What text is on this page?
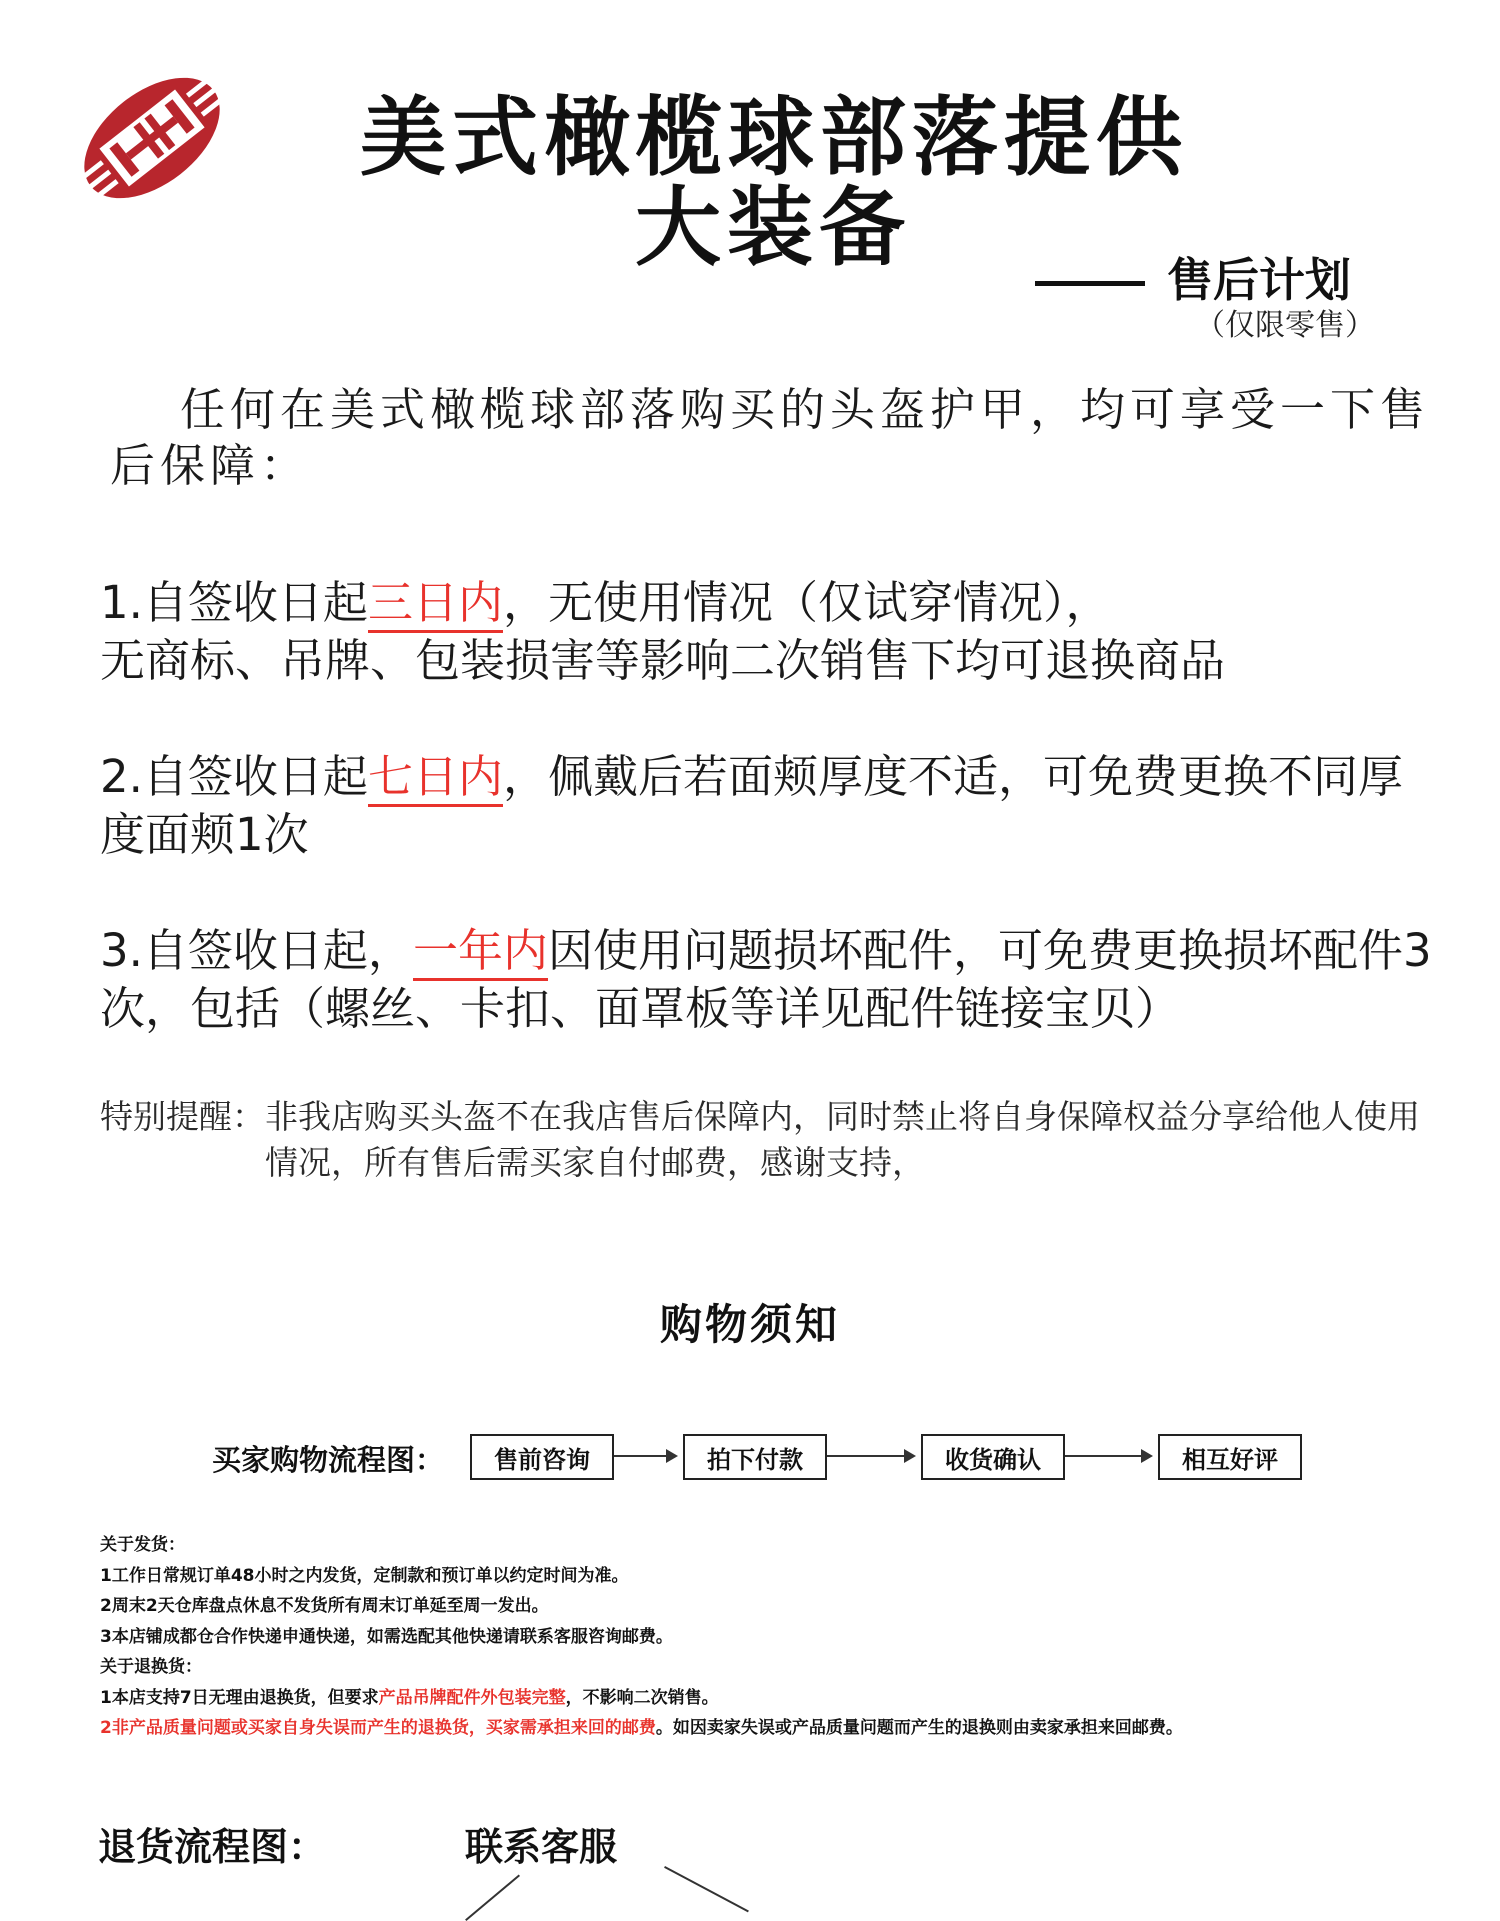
美式橄榄球部落提供
大装备
售后计划
（仅限零售）
任何在美式橄榄球部落购买的头盔护甲，均可享受一下售后保障：
1.自签收日起三日内，无使用情况（仅试穿情况），
无商标、吊牌、包装损害等影响二次销售下均可退换商品
2.自签收日起七日内，佩戴后若面颊厚度不适，可免费更换不同厚度面颊1次
3.自签收日起，一年内因使用问题损坏配件，可免费更换损坏配件3次，包括（螺丝、卡扣、面罩板等详见配件链接宝贝）
特别提醒： 非我店购买头盔不在我店售后保障内，同时禁止将自身保障权益分享给他人使用情况，所有售后需买家自付邮费，感谢支持，
购物须知
买家购物流程图：	售前咨询	拍下付款	收货确认	相互好评
关于发货：
1工作日常规订单48小时之内发货，定制款和预订单以约定时间为准。
2周末2天仓库盘点休息不发货所有周末订单延至周一发出。
3本店铺成都仓合作快递申通快递，如需选配其他快递请联系客服咨询邮费。
关于退换货：
1本店支持7日无理由退换货，但要求产品吊牌配件外包装完整，不影响二次销售。
2非产品质量问题或买家自身失误而产生的退换货，买家需承担来回的邮费。如因卖家失误或产品质量问题而产生的退换则由卖家承担来回邮费。
退货流程图：	联系客服
